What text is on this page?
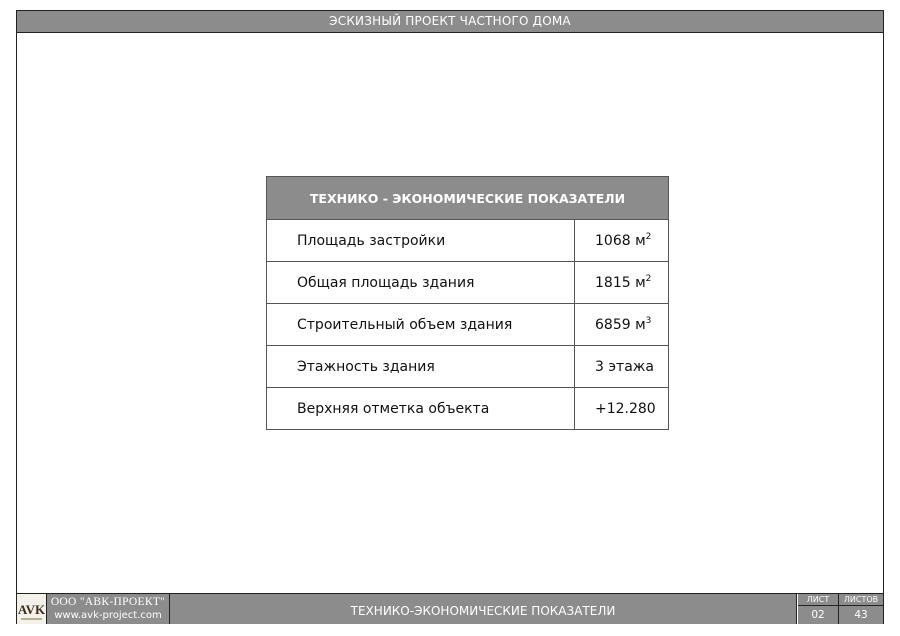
ЭСКИЗНЫЙ ПРОЕКТ ЧАСТНОГО ДОМА
ТЕХНИКО - ЭКОНОМИЧЕСКИЕ ПОКАЗАТЕЛИ	
Площадь застройки	1068 $м^2$
Общая площадь здания	1815 $м^2$
Строительный объем здания	6859 $м^3$
Этажность здания	3 этажа
Верхняя отметка объекта	+12.280
AVK ООО "АВК-ПРОЕКТ"
www.avk-project.com	ТЕХНИКО-ЭКОНОМИЧЕСКИЕ ПОКАЗАТЕЛИ
ЛИСТ
02
ЛИСТОВ
43
